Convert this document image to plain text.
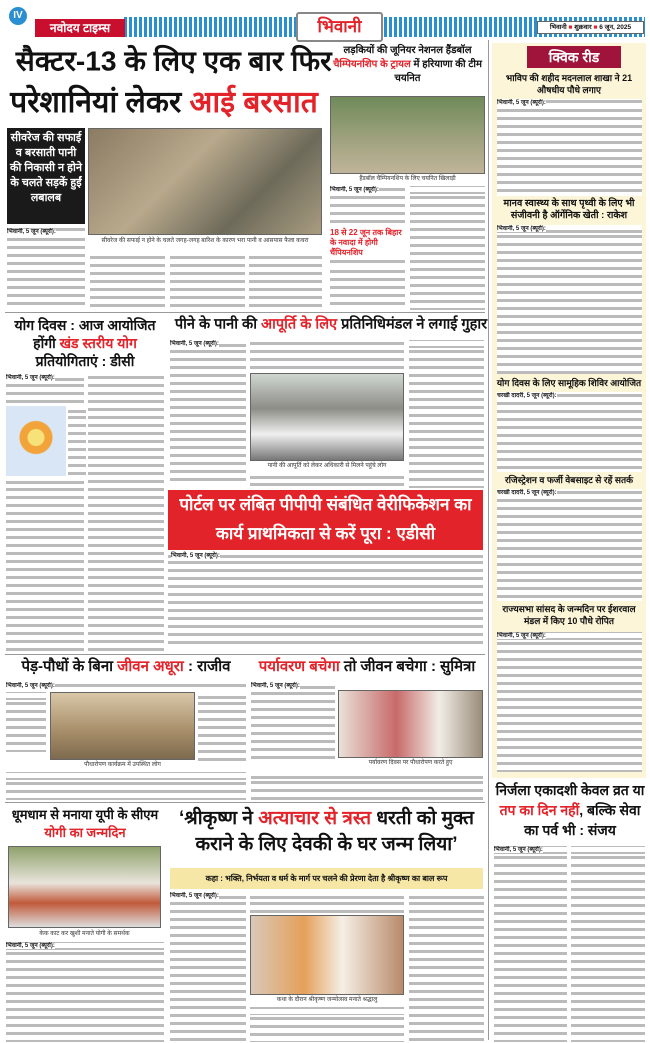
IV
नवोदय टाइम्स	भिवानी	भिवानी ■ शुक्रवार ■ 6 जून, 2025
सैक्टर-13 के लिए एक बार फिर
परेशानियां लेकर आई बरसात
सीवरेज की सफाई व बरसाती पानी की निकासी न होने के चलते सड़कें हुईं लबालब
सीवरेज की सफाई न होने के चलते जगह-जगह बारिश के कारण भरा पानी व आसपास फैला कचरा
भिवानी, 5 जून (ब्यूरो):
लड़कियों की जूनियर नेशनल हैंडबॉल चैम्पियनशिप के ट्रायल में हरियाणा की टीम चयनित
हैंडबॉल चैम्पियनशिप के लिए चयनित खिलाड़ी
भिवानी, 5 जून (ब्यूरो):
18 से 22 जून तक बिहार के नवादा में होगी चैंपियनशिप
क्विक रीड
भाविप की शहीद मदनलाल शाखा ने 21 औषधीय पौधे लगाए
भिवानी, 5 जून (ब्यूरो):
मानव स्वास्थ्य के साथ पृथ्वी के लिए भी संजीवनी है ऑर्गेनिक खेती : राकेश
भिवानी, 5 जून (ब्यूरो):
योग दिवस के लिए सामूहिक शिविर आयोजित
चरखी दादरी, 5 जून (ब्यूरो):
रजिस्ट्रेशन व फर्जी वेबसाइट से रहें सतर्क
चरखी दादरी, 5 जून (ब्यूरो):
राज्यसभा सांसद के जन्मदिन पर ईशरवाल मंडल में किए 10 पौधे रोपित
भिवानी, 5 जून (ब्यूरो):
योग दिवस : आज आयोजित होंगी खंड स्तरीय योग प्रतियोगिताएं : डीसी
भिवानी, 5 जून (ब्यूरो):
पीने के पानी की आपूर्ति के लिए प्रतिनिधिमंडल ने लगाई गुहार
भिवानी, 5 जून (ब्यूरो):
पानी की आपूर्ति को लेकर अधिकारी से मिलने पहुंचे लोग
पोर्टल पर लंबित पीपीपी संबंधित वेरीफिकेशन का
कार्य प्राथमिकता से करें पूरा : एडीसी
भिवानी, 5 जून (ब्यूरो):
पेड़-पौधों के बिना जीवन अधूरा : राजीव
भिवानी, 5 जून (ब्यूरो):
पौधारोपण कार्यक्रम में उपस्थित लोग
पर्यावरण बचेगा तो जीवन बचेगा : सुमित्रा
भिवानी, 5 जून (ब्यूरो):
पर्यावरण दिवस पर पौधारोपण करते हुए
धूमधाम से मनाया यूपी के सीएम योगी का जन्मदिन
केक काट कर खुशी मनाते योगी के समर्थक
भिवानी, 5 जून (ब्यूरो):
‘श्रीकृष्ण ने अत्याचार से त्रस्त धरती को मुक्त कराने के लिए देवकी के घर जन्म लिया’
कहा : भक्ति, निर्भयता व धर्म के मार्ग पर चलने की प्रेरणा देता है श्रीकृष्ण का बाल रूप
भिवानी, 5 जून (ब्यूरो):
कथा के दौरान श्रीकृष्ण जन्मोत्सव मनाते श्रद्धालु
निर्जला एकादशी केवल व्रत या तप का दिन नहीं, बल्कि सेवा का पर्व भी : संजय
भिवानी, 5 जून (ब्यूरो):
